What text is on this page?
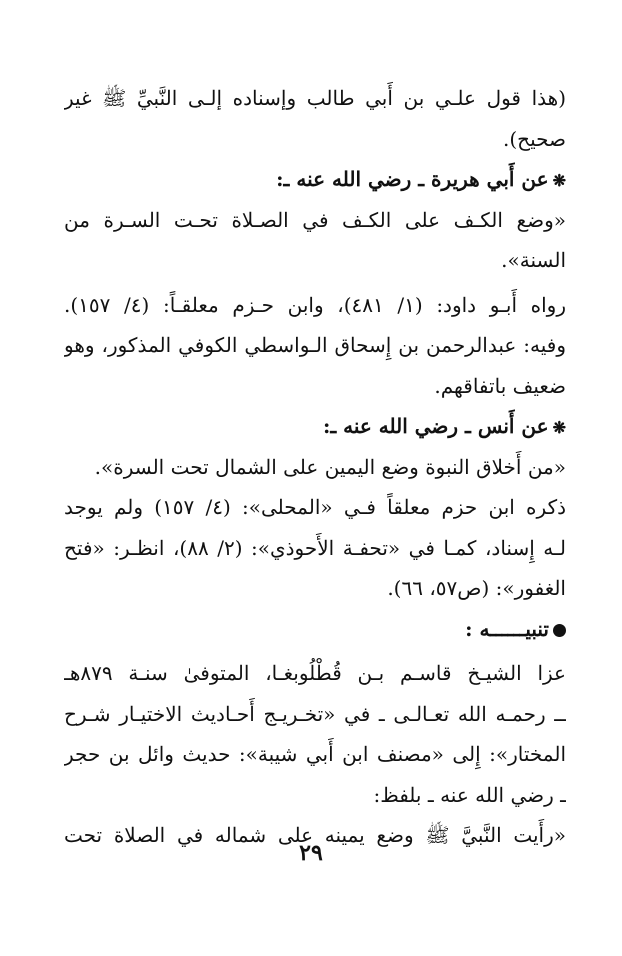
(هذا قول علـي بن أَبي طالب وإسناده إلـى النَّبيِّ ﷺ غير
صحيح).
❋عن أَبي هريرة ـ رضي الله عنه ـ:
«وضع الكـف على الكـف في الصـلاة تحـت السـرة من
السنة».
رواه أَبـو داود: (١/ ٤٨١)، وابن حـزم معلقـاً: (٤/ ١٥٧).
وفيه: عبدالرحمن بن إِسحاق الـواسطي الكوفي المذكور، وهو
ضعيف باتفاقهم.
❋عن أَنس ـ رضي الله عنه ـ:
«من أَخلاق النبوة وضع اليمين على الشمال تحت السرة».
ذكره ابن حزم معلقاً فـي «المحلى»: (٤/ ١٥٧) ولم يوجد
لـه إِسناد، كمـا في «تحفـة الأَحوذي»: (٢/ ٨٨)، انظـر: «فتح
الغفور»: (ص٥٧، ٦٦).
تنبيــــــه :
عزا الشيـخ قاسـم بـن قُطْلُوبغـا، المتوفىٰ سنـة ٨٧٩هـ
ــ رحمـه الله تعـالـى ـ في «تخـريـج أَحـاديث الاختيـار شـرح
المختار»: إِلى «مصنف ابن أَبي شيبة»: حديث وائل بن حجر
ـ رضي الله عنه ـ بلفظ:
«رأَيت النَّبيَّ ﷺ وضع يمينه على شماله في الصلاة تحت
٢٩
